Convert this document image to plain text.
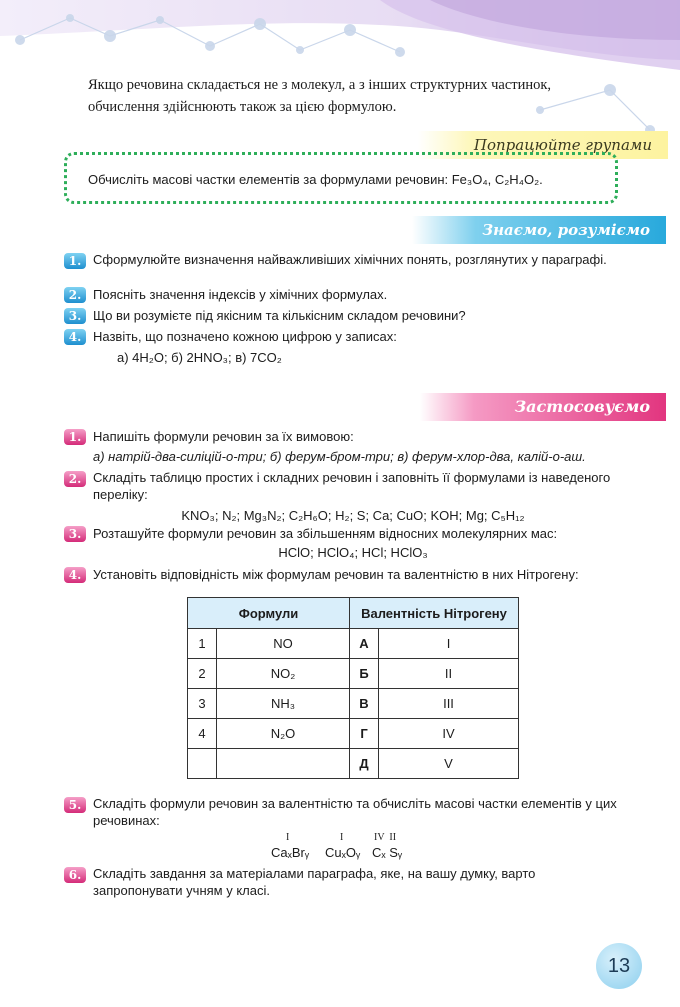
Якщо речовина складається не з молекул, а з інших структурних частинок, обчислення здійснюють також за цією формулою.
Попрацюйте групами
Обчисліть масові частки елементів за формулами речовин: Fe₃O₄, C₂H₄O₂.
Знаємо, розуміємо
1. Сформулюйте визначення найважливіших хімічних понять, розглянутих у параграфі.
2. Поясніть значення індексів у хімічних формулах.
3. Що ви розумієте під якісним та кількісним складом речовини?
4. Назвіть, що позначено кожною цифрою у записах:
а) 4H₂O; б) 2HNO₃; в) 7CO₂
Застосовуємо
1. Напишіть формули речовин за їх вимовою:
а) натрій-два-силіцій-о-три; б) ферум-бром-три; в) ферум-хлор-два, калій-о-аш.
2. Складіть таблицю простих і складних речовин і заповніть її формулами із наведеного переліку:
KNO₃; N₂; Mg₃N₂; C₂H₆O; H₂; S; Ca; CuO; KOH; Mg; C₅H₁₂
3. Розташуйте формули речовин за збільшенням відносних молекулярних мас:
HClO; HClO₄; HCl; HClO₃
4. Установіть відповідність між формулам речовин та валентністю в них Нітрогену:
Формули		Валентність Нітрогену	
1	NO	А	I
2	NO₂	Б	II
3	NH₃	В	III
4	N₂O	Г	IV
		Д	V
5. Складіть формули речовин за валентністю та обчисліть масові частки елементів у цих речовинах:
I	I	IV  II
CaₓBrᵧ CuₓOᵧ Cₓ Sᵧ
6. Складіть завдання за матеріалами параграфа, яке, на вашу думку, варто запропонувати учням у класі.
13
